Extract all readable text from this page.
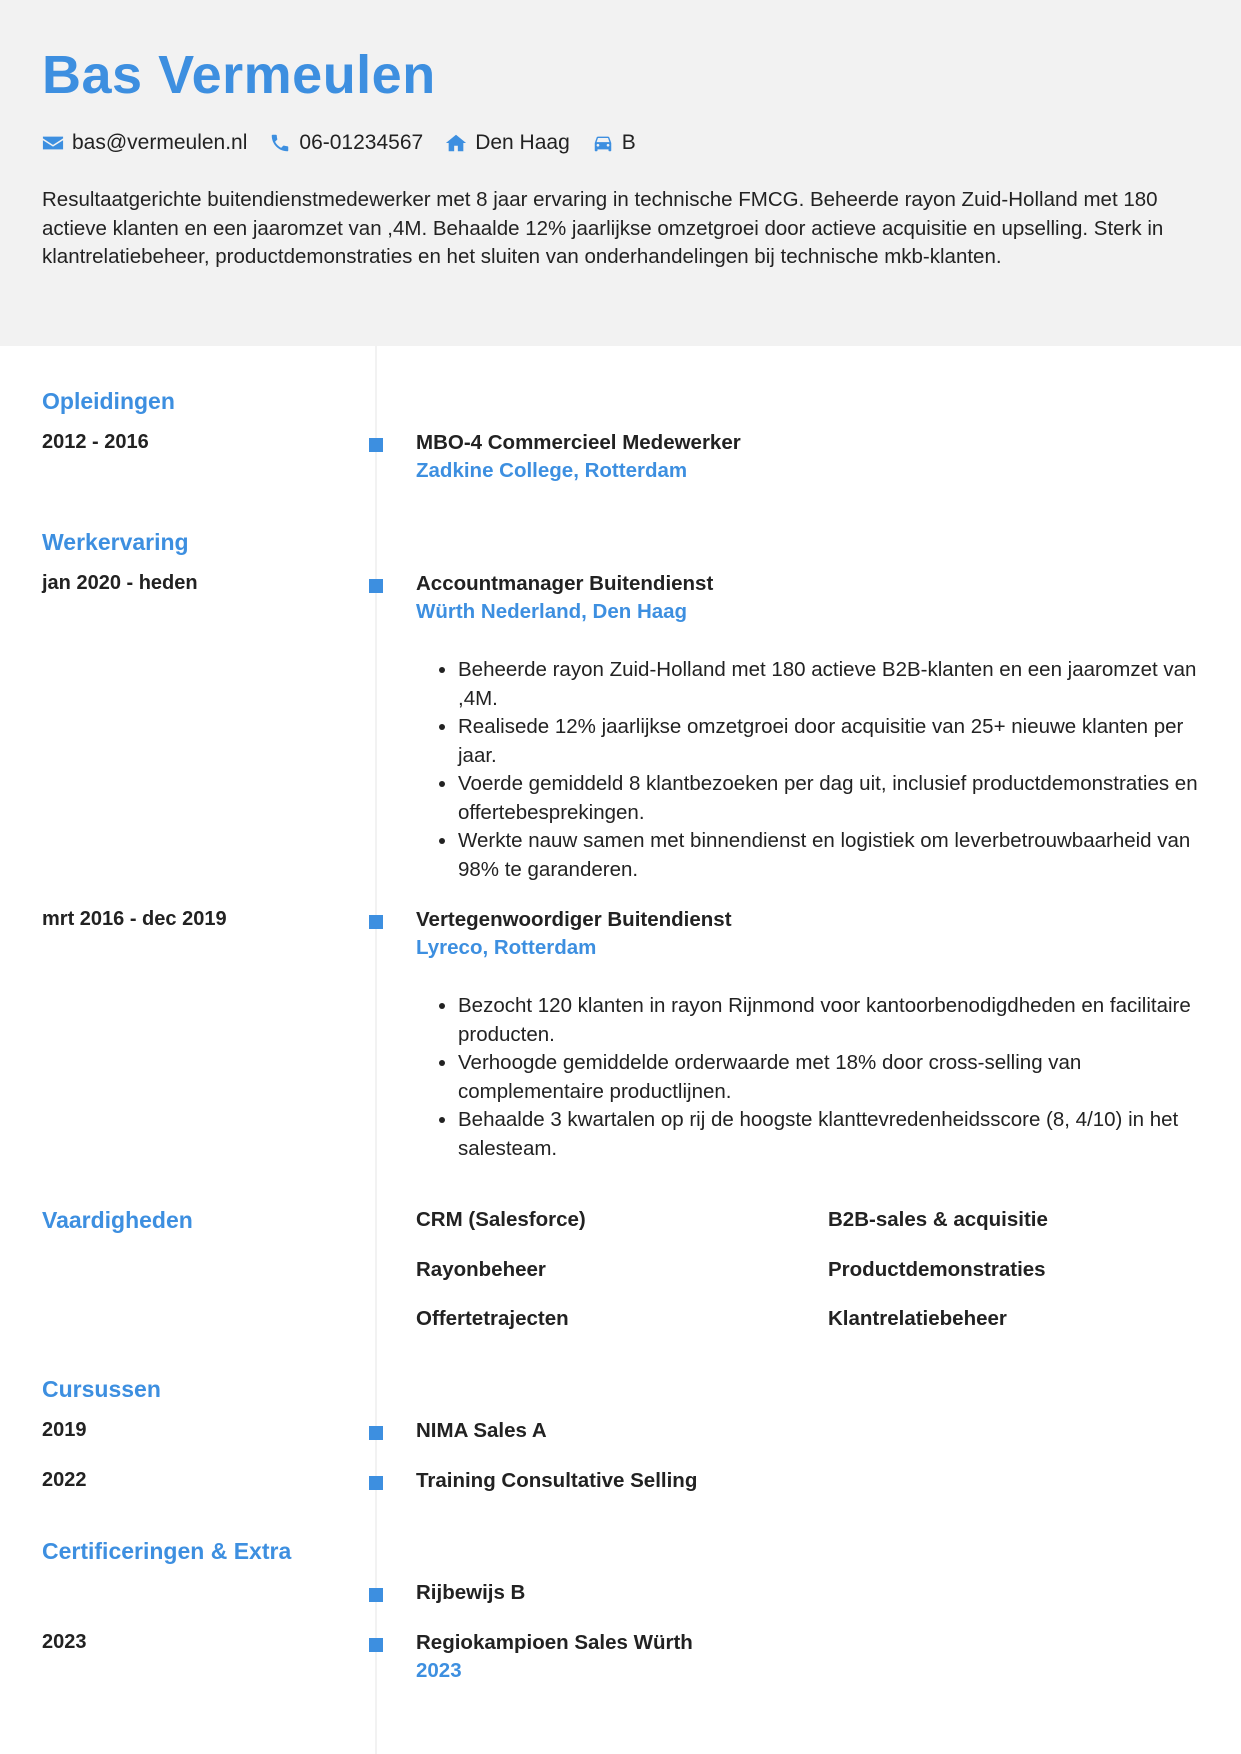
Bas Vermeulen
bas@vermeulen.nl 06-01234567 Den Haag B

Resultaatgerichte buitendienstmedewerker met 8 jaar ervaring in technische FMCG. Beheerde rayon Zuid-Holland met 180 actieve klanten en een jaaromzet van ,4M. Behaalde 12% jaarlijkse omzetgroei door actieve acquisitie en upselling. Sterk in klantrelatiebeheer, productdemonstraties en het sluiten van onderhandelingen bij technische mkb-klanten.

Opleidingen
2012 - 2016	MBO-4 Commercieel Medewerker
Zadkine College, Rotterdam
Werkervaring
jan 2020 - heden	Accountmanager Buitendienst
Würth Nederland, Den Haag
• Beheerde rayon Zuid-Holland met 180 actieve B2B-klanten en een jaaromzet van ,4M.
• Realisede 12% jaarlijkse omzetgroei door acquisitie van 25+ nieuwe klanten per jaar.
• Voerde gemiddeld 8 klantbezoeken per dag uit, inclusief productdemonstraties en offertebesprekingen.
• Werkte nauw samen met binnendienst en logistiek om leverbetrouwbaarheid van 98% te garanderen.
mrt 2016 - dec 2019	Vertegenwoordiger Buitendienst
Lyreco, Rotterdam
• Bezocht 120 klanten in rayon Rijnmond voor kantoorbenodigdheden en facilitaire producten.
• Verhoogde gemiddelde orderwaarde met 18% door cross-selling van complementaire productlijnen.
• Behaalde 3 kwartalen op rij de hoogste klanttevredenheidsscore (8, 4/10) in het salesteam.
Vaardigheden	CRM (Salesforce)	B2B-sales & acquisitie
Rayonbeheer	Productdemonstraties
Offertetrajecten	Klantrelatiebeheer
Cursussen
2019	NIMA Sales A
2022	Training Consultative Selling
Certificeringen & Extra
Rijbewijs B
2023	Regiokampioen Sales Würth
2023
